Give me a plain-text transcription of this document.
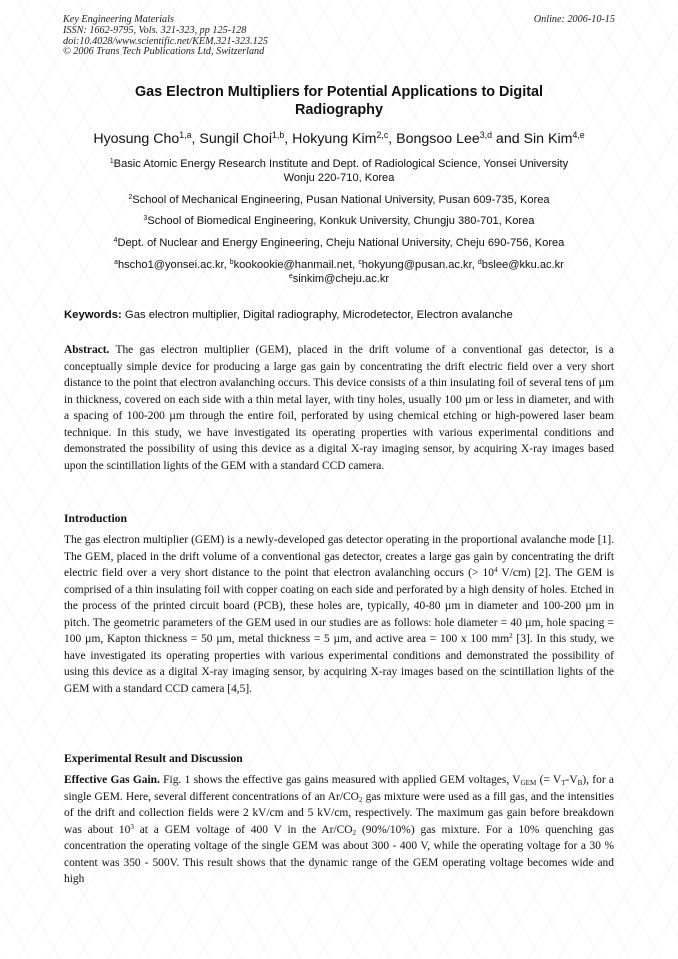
Key Engineering Materials
ISSN: 1662-9795, Vols. 321-323, pp 125-128
doi:10.4028/www.scientific.net/KEM.321-323.125
© 2006 Trans Tech Publications Ltd, Switzerland
Online: 2006-10-15
Gas Electron Multipliers for Potential Applications to Digital
Radiography
Hyosung Cho$^{1,a}$, Sungil Choi$^{1,b}$, Hokyung Kim$^{2,c}$, Bongsoo Lee$^{3,d}$ and Sin Kim$^{4,e}$
$^1$Basic Atomic Energy Research Institute and Dept. of Radiological Science, Yonsei University
Wonju 220-710, Korea
$^2$School of Mechanical Engineering, Pusan National University, Pusan 609-735, Korea
$^3$School of Biomedical Engineering, Konkuk University, Chungju 380-701, Korea
$^4$Dept. of Nuclear and Energy Engineering, Cheju National University, Cheju 690-756, Korea
$^a$hscho1@yonsei.ac.kr, $^b$kookookie@hanmail.net, $^c$hokyung@pusan.ac.kr, $^d$bslee@kku.ac.kr
$^e$sinkim@cheju.ac.kr
Keywords: Gas electron multiplier, Digital radiography, Microdetector, Electron avalanche
Abstract. The gas electron multiplier (GEM), placed in the drift volume of a conventional gas detector, is a conceptually simple device for producing a large gas gain by concentrating the drift electric field over a very short distance to the point that electron avalanching occurs. This device consists of a thin insulating foil of several tens of µm in thickness, covered on each side with a thin metal layer, with tiny holes, usually 100 µm or less in diameter, and with a spacing of 100-200 µm through the entire foil, perforated by using chemical etching or high-powered laser beam technique. In this study, we have investigated its operating properties with various experimental conditions and demonstrated the possibility of using this device as a digital X-ray imaging sensor, by acquiring X-ray images based upon the scintillation lights of the GEM with a standard CCD camera.
Introduction
The gas electron multiplier (GEM) is a newly-developed gas detector operating in the proportional avalanche mode [1]. The GEM, placed in the drift volume of a conventional gas detector, creates a large gas gain by concentrating the drift electric field over a very short distance to the point that electron avalanching occurs (> $10^4$ V/cm) [2]. The GEM is comprised of a thin insulating foil with copper coating on each side and perforated by a high density of holes. Etched in the process of the printed circuit board (PCB), these holes are, typically, 40-80 µm in diameter and 100-200 µm in pitch. The geometric parameters of the GEM used in our studies are as follows: hole diameter = 40 µm, hole spacing = 100 µm, Kapton thickness = 50 µm, metal thickness = 5 µm, and active area = 100 x 100 $mm^2$ [3]. In this study, we have investigated its operating properties with various experimental conditions and demonstrated the possibility of using this device as a digital X-ray imaging sensor, by acquiring X-ray images based on the scintillation lights of the GEM with a standard CCD camera [4,5].
Experimental Result and Discussion
Effective Gas Gain. Fig. 1 shows the effective gas gains measured with applied GEM voltages, $V_{GEM}$ (= $V_T-V_B$), for a single GEM. Here, several different concentrations of an $Ar/CO_2$ gas mixture were used as a fill gas, and the intensities of the drift and collection fields were 2 kV/cm and 5 kV/cm, respectively. The maximum gas gain before breakdown was about $10^3$ at a GEM voltage of 400 V in the $Ar/CO_2$ (90%/10%) gas mixture. For a 10% quenching gas concentration the operating voltage of the single GEM was about 300 - 400 V, while the operating voltage for a 30 % content was 350 - 500V. This result shows that the dynamic range of the GEM operating voltage becomes wide and high
